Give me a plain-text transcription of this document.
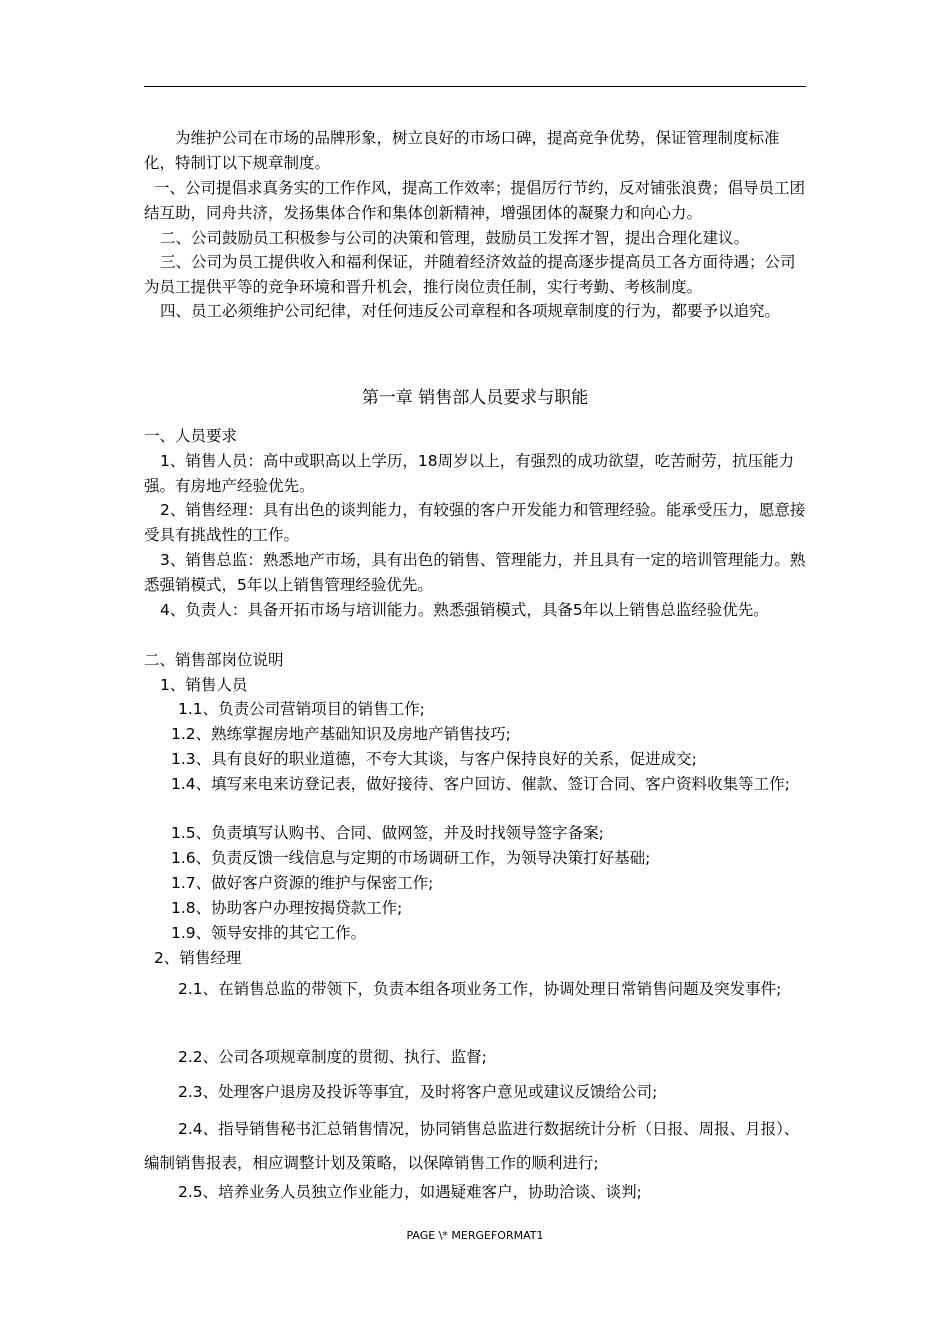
为维护公司在市场的品牌形象，树立良好的市场口碑，提高竞争优势，保证管理制度标准化，特制订以下规章制度。

一、公司提倡求真务实的工作作风，提高工作效率；提倡厉行节约，反对铺张浪费；倡导员工团结互助，同舟共济，发扬集体合作和集体创新精神，增强团体的凝聚力和向心力。

二、公司鼓励员工积极参与公司的决策和管理，鼓励员工发挥才智，提出合理化建议。

三、公司为员工提供收入和福利保证，并随着经济效益的提高逐步提高员工各方面待遇；公司为员工提供平等的竞争环境和晋升机会，推行岗位责任制，实行考勤、考核制度。

四、员工必须维护公司纪律，对任何违反公司章程和各项规章制度的行为，都要予以追究。

第一章 销售部人员要求与职能

一、人员要求

1、销售人员：高中或职高以上学历，18周岁以上，有强烈的成功欲望，吃苦耐劳，抗压能力强。有房地产经验优先。

2、销售经理：具有出色的谈判能力，有较强的客户开发能力和管理经验。能承受压力，愿意接受具有挑战性的工作。

3、销售总监：熟悉地产市场，具有出色的销售、管理能力，并且具有一定的培训管理能力。熟悉强销模式，5年以上销售管理经验优先。

4、负责人：具备开拓市场与培训能力。熟悉强销模式，具备5年以上销售总监经验优先。

二、销售部岗位说明

1、销售人员

1.1、负责公司营销项目的销售工作;

1.2、熟练掌握房地产基础知识及房地产销售技巧;

1.3、具有良好的职业道德，不夸大其谈，与客户保持良好的关系，促进成交;

1.4、填写来电来访登记表，做好接待、客户回访、催款、签订合同、客户资料收集等工作;

1.5、负责填写认购书、合同、做网签，并及时找领导签字备案;

1.6、负责反馈一线信息与定期的市场调研工作，为领导决策打好基础;

1.7、做好客户资源的维护与保密工作;

1.8、协助客户办理按揭贷款工作;

1.9、领导安排的其它工作。

2、销售经理

2.1、在销售总监的带领下，负责本组各项业务工作，协调处理日常销售问题及突发事件;

2.2、公司各项规章制度的贯彻、执行、监督;

2.3、处理客户退房及投诉等事宜，及时将客户意见或建议反馈给公司;

2.4、指导销售秘书汇总销售情况，协同销售总监进行数据统计分析（日报、周报、月报）、编制销售报表，相应调整计划及策略，以保障销售工作的顺利进行;

2.5、培养业务人员独立作业能力，如遇疑难客户，协助洽谈、谈判;

PAGE \* MERGEFORMAT1
